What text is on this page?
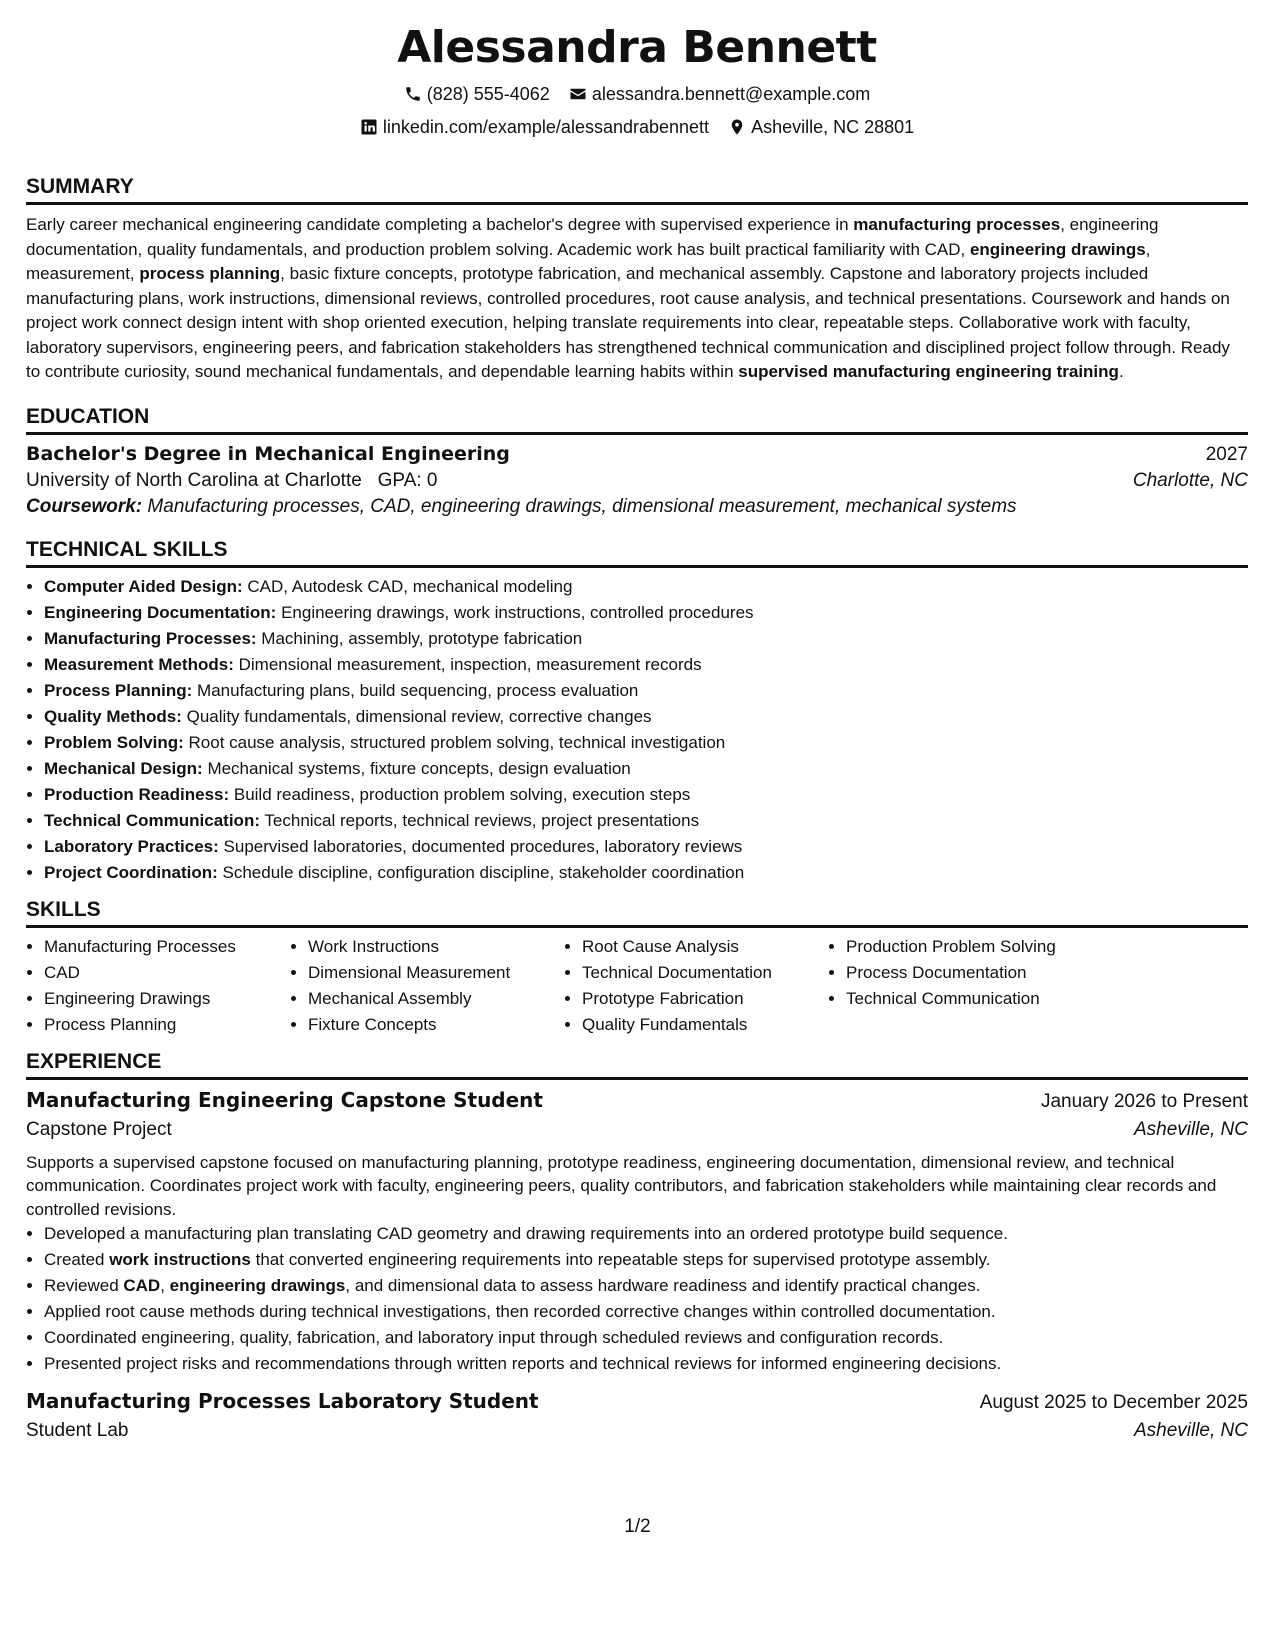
Alessandra Bennett
(828) 555-4062
alessandra.bennett@example.com
linkedin.com/example/alessandrabennett
Asheville, NC 28801
SUMMARY
Early career mechanical engineering candidate completing a bachelor's degree with supervised experience in manufacturing processes, engineering documentation, quality fundamentals, and production problem solving. Academic work has built practical familiarity with CAD, engineering drawings, measurement, process planning, basic fixture concepts, prototype fabrication, and mechanical assembly. Capstone and laboratory projects included manufacturing plans, work instructions, dimensional reviews, controlled procedures, root cause analysis, and technical presentations. Coursework and hands on project work connect design intent with shop oriented execution, helping translate requirements into clear, repeatable steps. Collaborative work with faculty, laboratory supervisors, engineering peers, and fabrication stakeholders has strengthened technical communication and disciplined project follow through. Ready to contribute curiosity, sound mechanical fundamentals, and dependable learning habits within supervised manufacturing engineering training.
EDUCATION
Bachelor's Degree in Mechanical Engineering	2027
University of North Carolina at Charlotte GPA: 0	Charlotte, NC
Coursework: Manufacturing processes, CAD, engineering drawings, dimensional measurement, mechanical systems
TECHNICAL SKILLS
• Computer Aided Design: CAD, Autodesk CAD, mechanical modeling
• Engineering Documentation: Engineering drawings, work instructions, controlled procedures
• Manufacturing Processes: Machining, assembly, prototype fabrication
• Measurement Methods: Dimensional measurement, inspection, measurement records
• Process Planning: Manufacturing plans, build sequencing, process evaluation
• Quality Methods: Quality fundamentals, dimensional review, corrective changes
• Problem Solving: Root cause analysis, structured problem solving, technical investigation
• Mechanical Design: Mechanical systems, fixture concepts, design evaluation
• Production Readiness: Build readiness, production problem solving, execution steps
• Technical Communication: Technical reports, technical reviews, project presentations
• Laboratory Practices: Supervised laboratories, documented procedures, laboratory reviews
• Project Coordination: Schedule discipline, configuration discipline, stakeholder coordination
SKILLS
• Manufacturing Processes
• CAD
• Engineering Drawings
• Process Planning
• Work Instructions
• Dimensional Measurement
• Mechanical Assembly
• Fixture Concepts
• Root Cause Analysis
• Technical Documentation
• Prototype Fabrication
• Quality Fundamentals
• Production Problem Solving
• Process Documentation
• Technical Communication
EXPERIENCE
Manufacturing Engineering Capstone Student	January 2026 to Present
Capstone Project	Asheville, NC
Supports a supervised capstone focused on manufacturing planning, prototype readiness, engineering documentation, dimensional review, and technical communication. Coordinates project work with faculty, engineering peers, quality contributors, and fabrication stakeholders while maintaining clear records and controlled revisions.
• Developed a manufacturing plan translating CAD geometry and drawing requirements into an ordered prototype build sequence.
• Created work instructions that converted engineering requirements into repeatable steps for supervised prototype assembly.
• Reviewed CAD, engineering drawings, and dimensional data to assess hardware readiness and identify practical changes.
• Applied root cause methods during technical investigations, then recorded corrective changes within controlled documentation.
• Coordinated engineering, quality, fabrication, and laboratory input through scheduled reviews and configuration records.
• Presented project risks and recommendations through written reports and technical reviews for informed engineering decisions.
Manufacturing Processes Laboratory Student	August 2025 to December 2025
Student Lab	Asheville, NC
1/2
